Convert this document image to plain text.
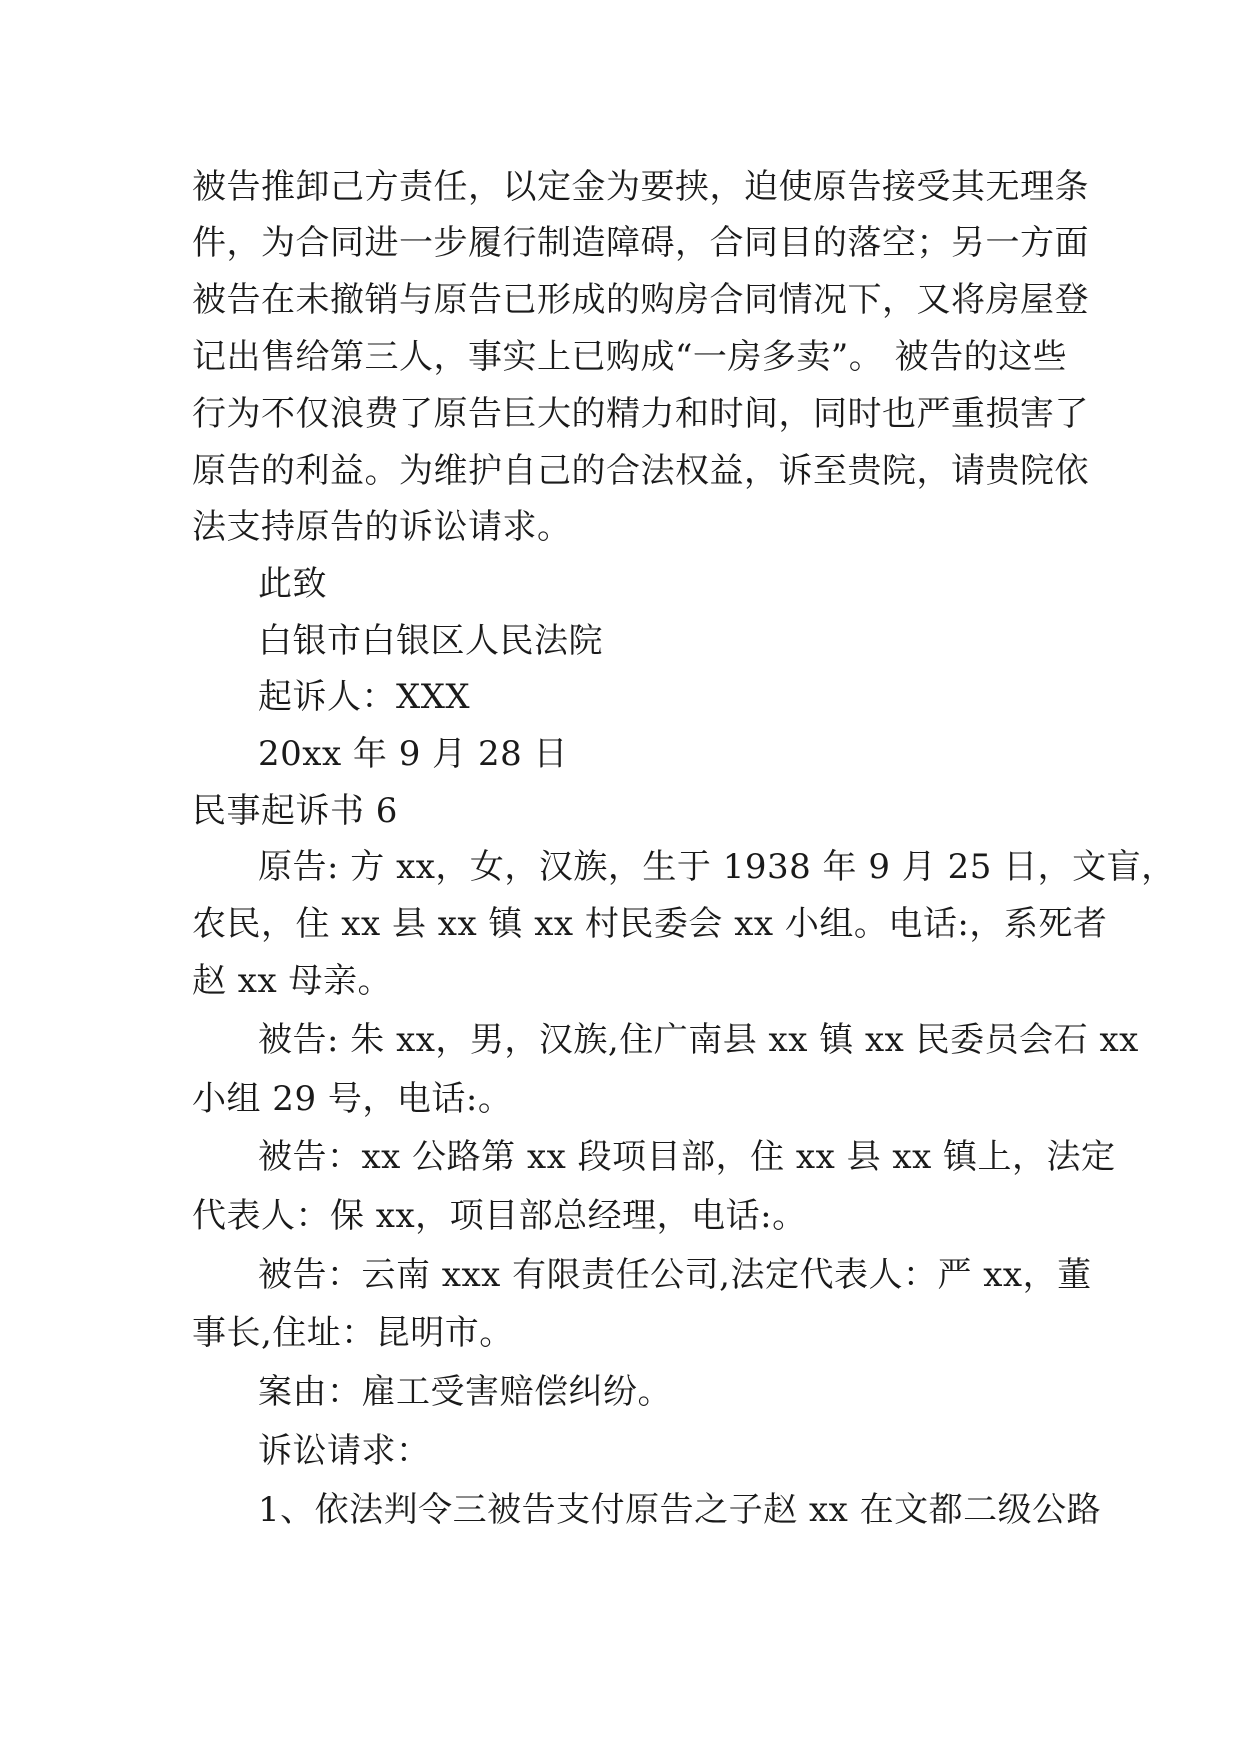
被告推卸己方责任，以定金为要挟，迫使原告接受其无理条
件，为合同进一步履行制造障碍，合同目的落空；另一方面
被告在未撤销与原告已形成的购房合同情况下，又将房屋登
记出售给第三人，事实上已购成“一房多卖”。 被告的这些
行为不仅浪费了原告巨大的精力和时间，同时也严重损害了
原告的利益。为维护自己的合法权益，诉至贵院，请贵院依
法支持原告的诉讼请求。
此致
白银市白银区人民法院
起诉人：XXX
20xx 年 9 月 28 日
民事起诉书 6
原告: 方 xx，女，汉族，生于 1938 年 9 月 25 日，文盲，
农民，住 xx 县 xx 镇 xx 村民委会 xx 小组。电话:，系死者
赵 xx 母亲。
被告: 朱 xx，男，汉族,住广南县 xx 镇 xx 民委员会石 xx
小组 29 号，电话:。
被告：xx 公路第 xx 段项目部，住 xx 县 xx 镇上，法定
代表人：保 xx，项目部总经理，电话:。
被告：云南 xxx 有限责任公司,法定代表人：严 xx，董
事长,住址：昆明市。
案由：雇工受害赔偿纠纷。
诉讼请求：
1、依法判令三被告支付原告之子赵 xx 在文都二级公路
